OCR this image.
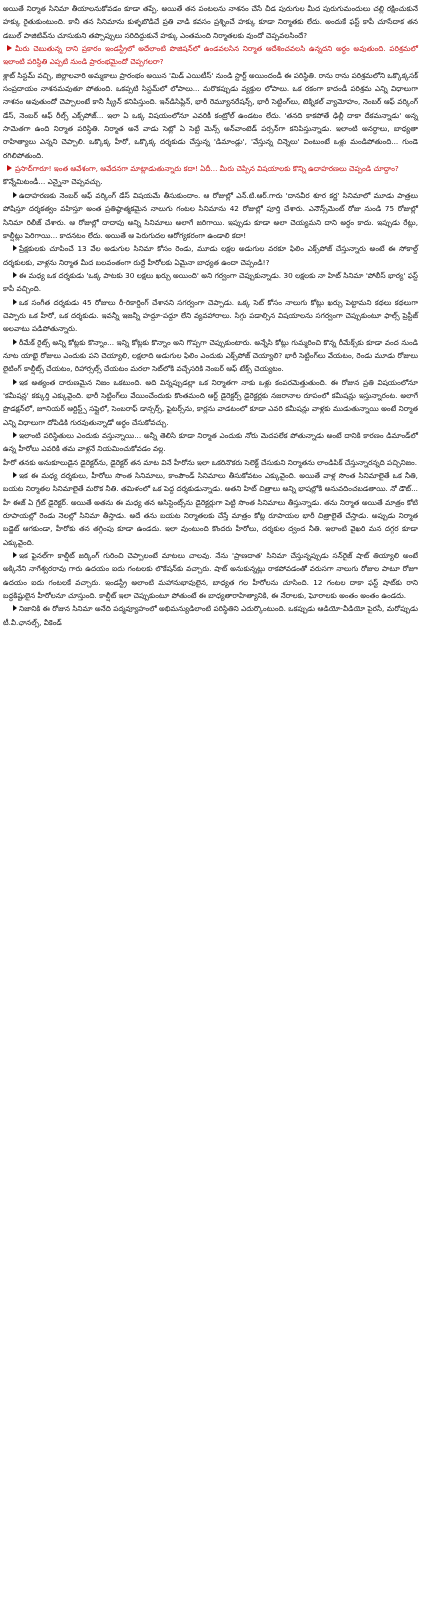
అయితే నిర్మాత సినిమా తీయాలనుకోవడం కూడా తప్పే. అయితే తన పంటలను నాశనం చేసే చీడ పురుగుల మీద పురుగుమందులు చల్లి రక్షించుకునే హక్కు రైతుకుంటుంది. కానీ తన సినిమాను కుళ్ళబొడిచే ప్రతి వాడి కవసం ప్రశ్నించే హక్కు కూడా నిర్మాతకు లేదు. అందుకే ఫస్ట్ కాపీ చూసేదాక తన డబుల్ పాజిటివ్‌ను చూసుకుని తప్పొప్పులు సరిదిద్దుకునే హక్కు ఎంతమంది నిర్మాతలకు వుందో చెప్పవలసిందే?

మీరు చెబుతున్న దాని ప్రకారం ఇండస్ట్రీలో అదేలాంటి పొజిషన్‌లో ఉండవలసిన నిర్మాత ఆదేశించవలసి ఉన్నదని అర్థం అవుతుంది. పరిశ్రమలో ఇలాంటి పరిస్థితి ఎప్పటి నుండి ప్రారంభమైందో చెప్పగలరా?

శ్లాట్ సిస్టమ్ వచ్చి, జిల్లాలవారి అమ్మకాలు ప్రారంభం అయిన 'మిడ్ ఎయిటీస్' నుండి స్టార్ట్ అయిందండీ ఈ పరిస్థితి. రాను రాను పరిశ్రమలోని ఒక్కొక్కసక్ సంప్రదాయం నాశనమవుతూ పోతుంది. ఒకప్పటి సిస్టమ్‌లో లోపాలు... మరొకప్పుడు వ్యక్తుల లోపాలు. ఒక రకంగా కాదండీ పరిశ్రమ ఎన్ని విధాలుగా నాశనం అవుతుందో చెప్పాలంటే కానీ స్క్రీన్ కనిపిస్తుంది. ఇన్‌డిసిప్లిన్, భారీ రెమ్యూనరేషన్స్, భారీ సెట్టింగ్‌లు, టెక్నికల్ వ్యామోహం, నెంబర్ ఆఫ్ వర్కింగ్ డేస్, నెంబర్ ఆఫ్ రీల్స్ ఎక్స్‌పోజ్... ఇలా ఏ ఒక్క విషయంలోనూ ఎవరికీ కంట్రోల్ ఉండటం లేదు. 'తనది కాకపోతే ఢిల్లీ దాకా దేకమన్నాడు' అన్న సామెతగా ఉంది నిర్మాత పరిస్థితి. నిర్మాత అనే వాడు సెట్లో ఏ సెట్టి మెన్స్ అన్‌వాంటెడ్ పర్సన్‌గా కనిపిస్తున్నాడు. ఇలాంటి అనర్థాలు, బాధ్యతా రాహిత్యాలు ఎన్నని చెప్పాలి. ఒక్కొక్క హీరో, ఒక్కొక్క దర్శకుడు చేస్తున్న 'డిమాండ్లు', 'వేస్తున్న చిన్నెలు' వింటుంటే ఒళ్లు మండిపోతుంది... గుండె రగిలిపోతుంది.

ప్రసాద్‌గారూ! ఇంత ఆవేశంగా, ఆవేదనగా మాట్లాడుతున్నారు కదా! ఏదీ... మీరు చెప్పిన విషయాలకు కొన్ని ఉదాహరణలు చెప్పండి చూద్దాం?

కొన్నేమిటండీ... ఎన్నైనా చెప్పవచ్చు.

ఉదాహరణకు నెంబర్ ఆఫ్ వర్కింగ్ డేస్ విషయమే తీసుకుందాం. ఆ రోజుల్లో ఎన్.టి.ఆర్.గారు 'దానవీర శూర కర్ణ' సినిమాలో మూడు పాత్రలు పోషిస్తూ దర్శకత్వం వహిస్తూ అంత ప్రతిష్ఠాత్మకమైన నాలుగు గంటల సినిమాను 42 రోజుల్లో పూర్తి చేశారు. ఎనౌన్స్‌మెంట్ రోజు నుండి 75 రోజుల్లో సినిమా రిలీజ్ చేశారు. ఆ రోజుల్లో దాదాపు అన్ని సినిమాలు అలాగే జరిగాయి. ఇప్పుడు కూడా అలా చెయ్యమని దాని అర్థం కాదు. ఇప్పుడు రేట్లు, కాల్షీట్లు పెరిగాయి... కాదనటం లేదు. అయితే ఆ పెరుగుదల ఆరోగ్యకరంగా ఉండాలి కదా!

ప్రేక్షకులకు చూపించే 13 వేల అడుగుల సినిమా కోసం రెండు, మూడు లక్షల అడుగుల వరకూ ఫిలిం ఎక్స్‌పోజ్ చేస్తున్నారు అంటే ఈ సోకాల్డ్ దర్శకులకు, వాళ్లను నిర్మాత మీద బలవంతంగా రుద్దే హీరోలకు ఏమైనా బాధ్యత ఉందా చెప్పండి!?

ఈ మధ్య ఒక దర్శకుడు 'ఒక్క పాటకు 30 లక్షలు ఖర్చు అయింది' అని గర్వంగా చెప్పుకున్నాడు. 30 లక్షలకు నా హిట్ సినిమా 'పోలీస్ భార్య' ఫస్ట్ కాపీ వచ్చింది.

ఒక సంగీత దర్శకుడు 45 రోజులు రీ-రికార్డింగ్ చేశానని సగర్వంగా చెప్పాడు. ఒక్క సెట్ కోసం నాలుగు కోట్లు ఖర్చు పెట్టామని కథలు కథలుగా చెప్పారు ఒక హీరో, ఒక దర్శకుడు. ఇవన్నీ ఇజన్నీ హద్దూ-పద్దూ లేని వ్యవహారాలు. సిగ్గు పడాల్సిన విషయాలను సగర్వంగా చెప్పుకుంటూ ఫాల్స్ ప్రెస్టీజ్ అలవాటు పడిపోతున్నారు.

రీమేక్ రైట్స్ అన్ని కోట్లకు కొన్నాం... ఇన్ని కోట్లకు కొన్నాం అని గొప్పగా చెప్పుకుంటారు. అన్నేసి కోట్లు గుమ్మరించి కొన్న రీమేక్స్‌కు కూడా వంద నుండి నూట యాభై రోజులు ఎందుకు పని చెయ్యాలి, లక్షలాది అడుగుల ఫిలిం ఎందుకు ఎక్స్‌పోజ్ చెయ్యాలి? భారీ సెట్టింగ్‌లు వేయటం, రెండు మూడు రోజులు లైటింగ్ కాల్షీట్స్ చేయటం, రిహార్సల్స్ చేయటం మరలా సెట్‌లోకి వచ్చేసరికి నెంబర్ ఆఫ్ టేక్స్ చెయ్యటం.

ఇక అత్యంత దారుణమైన నిజం ఒకటుంది. అది విన్నప్పుడల్లా ఒక నిర్మాతగా నాకు ఒళ్లు కంపరమెత్తుతుంది. ఈ రోజున ప్రతి విషయంలోనూ 'కమీషన్ల' కక్కుర్తి ఎక్కువైంది. భారీ సెట్టింగ్‌లు వేయించేందుకు కొంతమంది ఆర్ట్ డైరెక్టర్స్ డైరెక్టర్లకు నజరానాల రూపంలో కమీషన్లు ఇస్తున్నారంట. అలాగే ప్రొడక్షన్‌లో, జూనియర్ ఆర్టిస్ట్స్ సప్లైలో, సెంబరాఫ్ డాన్సర్స్, ఫైటర్స్‌ను, కార్లను వాడటంలో కూడా ఎవరి కమీషన్లు వాళ్లకు ముడుతున్నాయి అంటే నిర్మాత ఎన్ని విధాలుగా దోపిడికి గురవుతున్నాడో అర్థం చేసుకోవచ్చు.

ఇలాంటి పరిస్థితులు ఎందుకు వస్తున్నాయి... అన్నీ తెలిసి కూడా నిర్మాత ఎందుకు నోరు మెదపలేక పోతున్నాడు అంటే దానికి కారణం డిమాండ్‌లో ఉన్న హీరోలు ఎవరికి తమ వాళ్లనే నియమించుకోవడం వల్ల.

హీరో తనకు అనుకూలుడైన డైరెక్టర్‌ను, డైరెక్టర్ తన మాట వినే హీరోను ఇలా ఒకరినొకరు సెలెక్ట్ చేసుకుని నిర్మాతను లాండిపిక్ చేస్తున్నారన్నది పచ్చినిజం.

ఇక ఈ మధ్య దర్శకులు, హీరోలు సొంత సినిమాలు, కాంపౌండ్ సినిమాలు తీసుకోవటం ఎక్కువైంది. అయితే వాళ్ల సొంత సినిమాలైతే ఒక నీతి, బయట నిర్మాతల సినిమాలైతే మరొక నీతి. తమిళంలో ఒక పెద్ద దర్శకుడున్నాడు. అతని హిట్ చిత్రాలు అన్ని భాషల్లోకి అనువదించబడతాయి. నో డౌట్... హీ ఈజ్ ఏ గ్రేట్ డైరెక్టర్. అయితే అతను ఈ మధ్య తన అసిస్టెంట్స్‌ను డైరెక్టర్లుగా పెట్టి సొంత సినిమాలు తీస్తున్నాడు. తను నిర్మాత అయితే మాత్రం కోటి రూపాయల్లో రెండు నెలల్లో సినిమా తీస్తాడు. అదే తను బయట నిర్మాతలకు చేస్తే మాత్రం కోట్ల రూపాయల భారీ చిత్రాలైతే చేస్తాడు. అప్పుడు నిర్మాత బడ్జెట్ ఆగకుండా, హీరోకు తన తగ్గింపు కూడా ఉండదు. ఇలా వుంటుంది కొందరు హీరోలు, దర్శకుల ద్వంద నీతి. ఇలాంటి వైఖరి మన దగ్గర కూడా ఎక్కువైంది.

ఇక ఫైనల్‌గా కాల్షీట్ జర్కింగ్ గురించి చెప్పాలంటే మాటలు చాలవు. నేను 'ప్రాణదాత' సినిమా చేస్తున్నప్పుడు సన్‌రైజ్ షాట్ తియ్యాలి అంటే అక్కినేని నాగేశ్వరరావు గారు ఉదయం ఐదు గంటలకు లొకేషన్‌కు వచ్చారు. షాట్ అనుకున్నట్లు రాకపోవడంతో వరుసగా నాలుగు రోజుల పాటూ రోజూ ఉదయం ఐదు గంటలకే వచ్చారు. ఇండస్ట్రీ అలాంటి మహానుభావులైన, బాధ్యత గల హీరోలను చూసింది. 12 గంటల దాకా ఫస్ట్ షాట్‌కు రాని బద్ధకిష్టులైన హీరోలనూ చూస్తుంది. కాల్షీట్ ఇలా చెప్పుకుంటూ పోతుంటే ఈ బాధ్యతారాహిత్యానికి, ఈ నేరాలకు, ఘోరాలకు అంతం అంతం ఉండదు.

నిజానికి ఈ రోజున సినిమా అనేది పద్మవ్యూహంలో అభిమన్యుడిలాంటి పరిస్థితిని ఎదుర్కొంటుంది. ఒకప్పుడు ఆడియో-వీడియో పైరసీ, మరోప్పుడు టీ.వీ.ఛానల్స్, వీకెండ్
